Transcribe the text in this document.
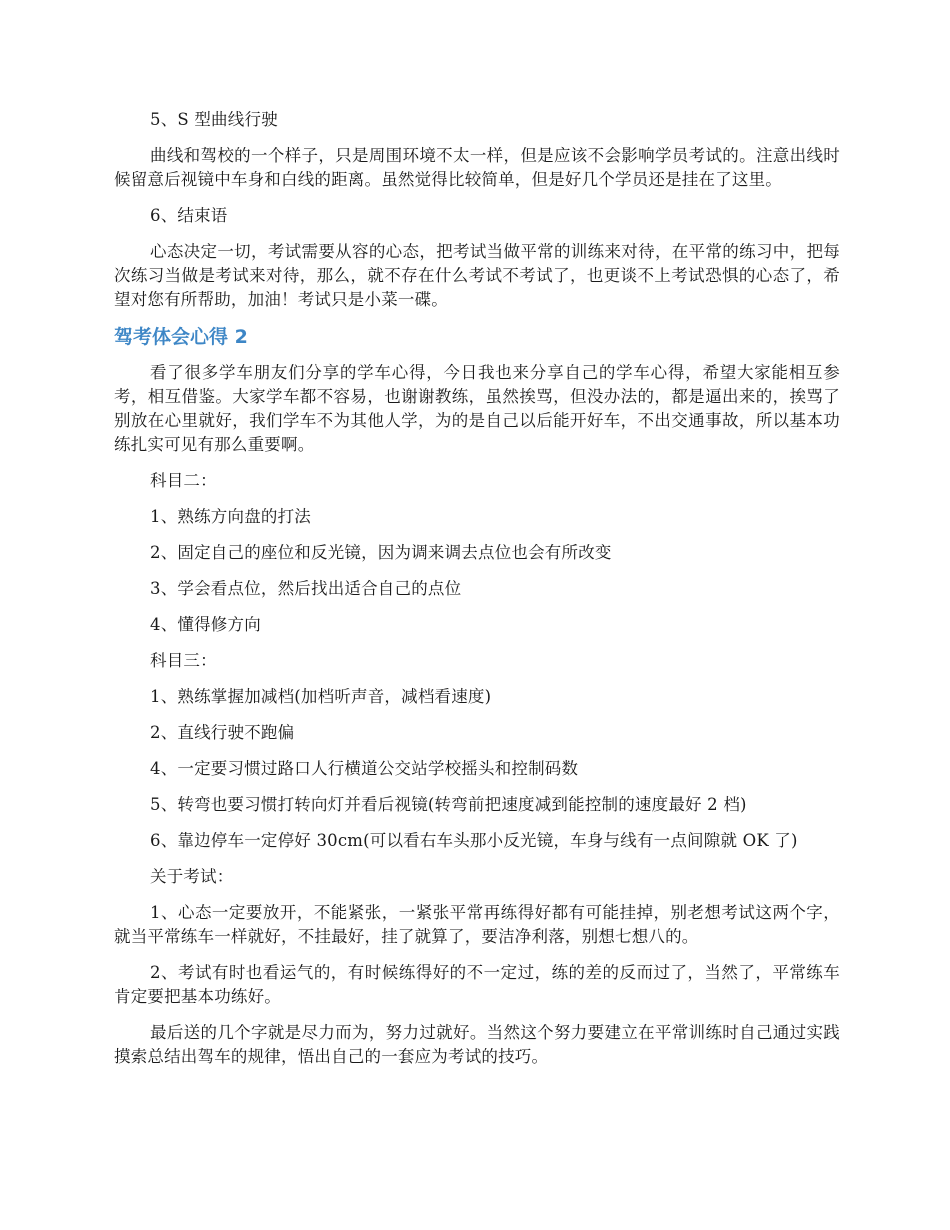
5、S 型曲线行驶

曲线和驾校的一个样子，只是周围环境不太一样，但是应该不会影响学员考试的。注意出线时候留意后视镜中车身和白线的距离。虽然觉得比较简单，但是好几个学员还是挂在了这里。

6、结束语

心态决定一切，考试需要从容的心态，把考试当做平常的训练来对待，在平常的练习中，把每次练习当做是考试来对待，那么，就不存在什么考试不考试了，也更谈不上考试恐惧的心态了，希望对您有所帮助，加油！考试只是小菜一碟。

驾考体会心得 2

看了很多学车朋友们分享的学车心得，今日我也来分享自己的学车心得，希望大家能相互参考，相互借鉴。大家学车都不容易，也谢谢教练，虽然挨骂，但没办法的，都是逼出来的，挨骂了别放在心里就好，我们学车不为其他人学，为的是自己以后能开好车，不出交通事故，所以基本功练扎实可见有那么重要啊。

科目二：

1、熟练方向盘的打法

2、固定自己的座位和反光镜，因为调来调去点位也会有所改变

3、学会看点位，然后找出适合自己的点位

4、懂得修方向

科目三：

1、熟练掌握加减档(加档听声音，减档看速度)

2、直线行驶不跑偏

4、一定要习惯过路口人行横道公交站学校摇头和控制码数

5、转弯也要习惯打转向灯并看后视镜(转弯前把速度减到能控制的速度最好 2 档)

6、靠边停车一定停好 30cm(可以看右车头那小反光镜，车身与线有一点间隙就 OK 了)

关于考试：

1、心态一定要放开，不能紧张，一紧张平常再练得好都有可能挂掉，别老想考试这两个字，就当平常练车一样就好，不挂最好，挂了就算了，要洁净利落，别想七想八的。

2、考试有时也看运气的，有时候练得好的不一定过，练的差的反而过了，当然了，平常练车肯定要把基本功练好。

最后送的几个字就是尽力而为，努力过就好。当然这个努力要建立在平常训练时自己通过实践摸索总结出驾车的规律，悟出自己的一套应为考试的技巧。
